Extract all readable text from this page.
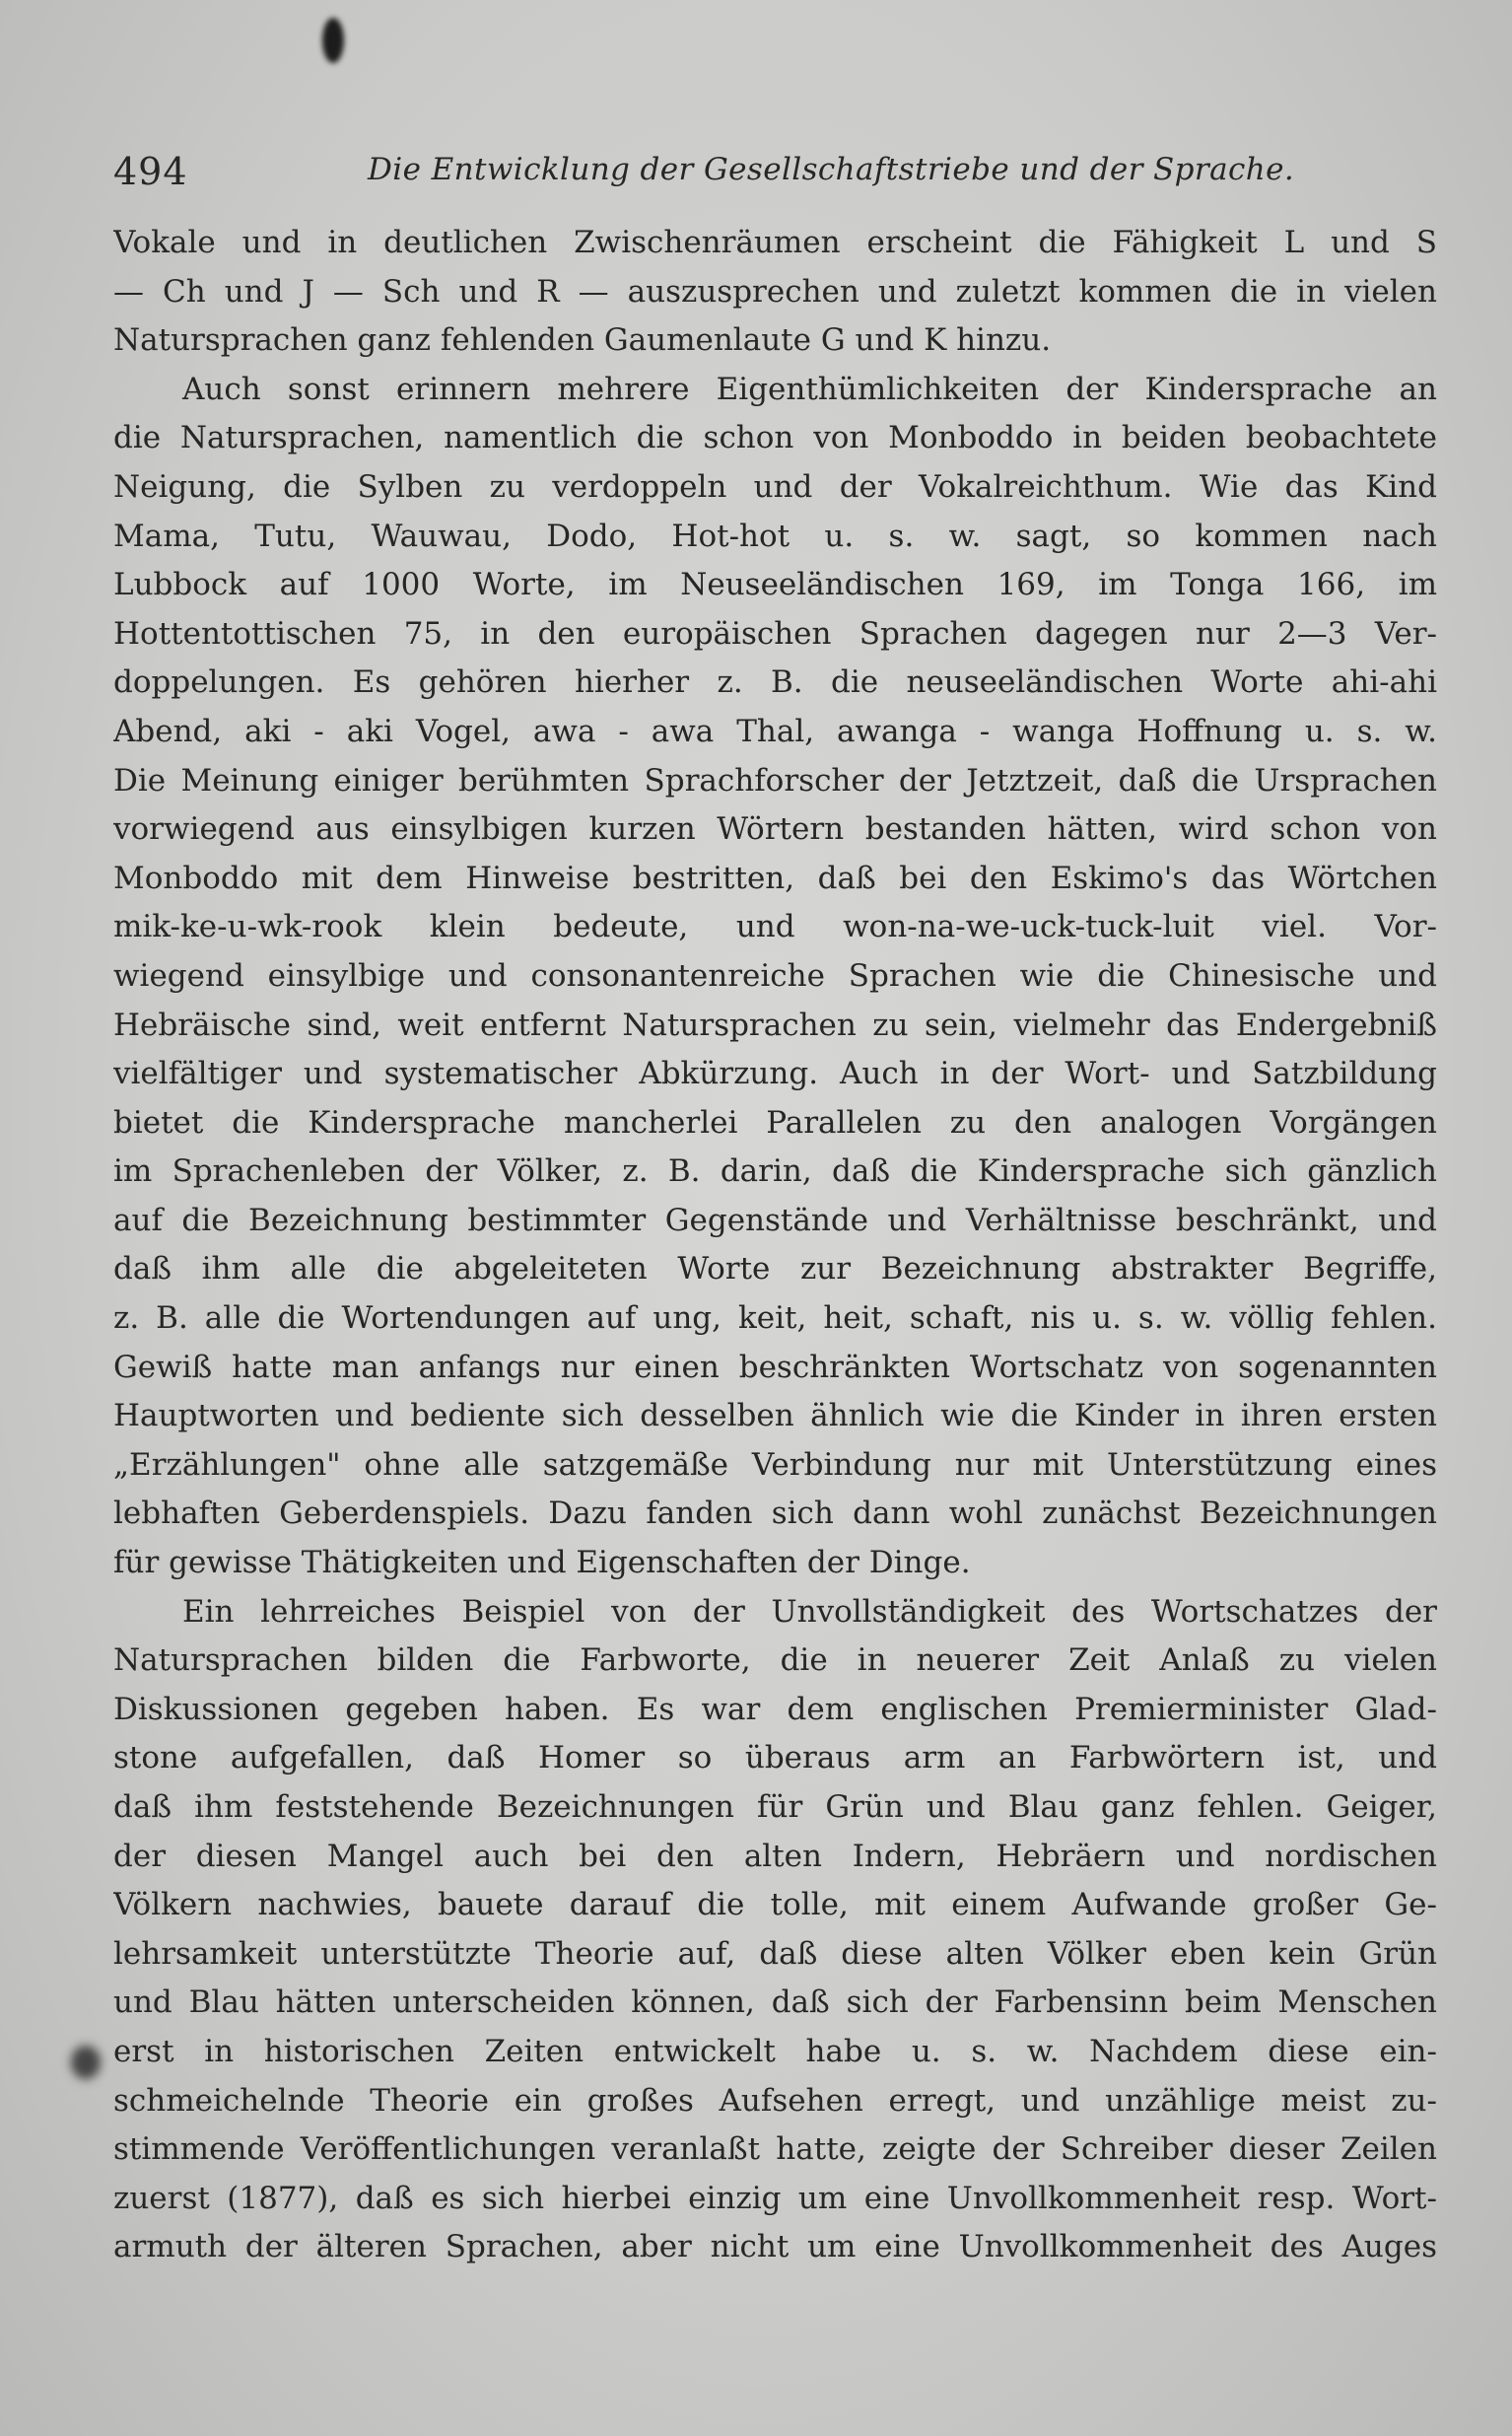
494	Die Entwicklung der Gesellschaftstriebe und der Sprache.
Vokale und in deutlichen Zwischenräumen erscheint die Fähigkeit L und S
— Ch und J — Sch und R — auszusprechen und zuletzt kommen die in vielen
Natursprachen ganz fehlenden Gaumenlaute G und K hinzu.
Auch sonst erinnern mehrere Eigenthümlichkeiten der Kindersprache an
die Natursprachen, namentlich die schon von Monboddo in beiden beobachtete
Neigung, die Sylben zu verdoppeln und der Vokalreichthum. Wie das Kind
Mama, Tutu, Wauwau, Dodo, Hot-hot u. s. w. sagt, so kommen nach
Lubbock auf 1000 Worte, im Neuseeländischen 169, im Tonga 166, im
Hottentottischen 75, in den europäischen Sprachen dagegen nur 2—3 Ver-
doppelungen. Es gehören hierher z. B. die neuseeländischen Worte ahi-ahi
Abend, aki - aki Vogel, awa - awa Thal, awanga - wanga Hoffnung u. s. w.
Die Meinung einiger berühmten Sprachforscher der Jetztzeit, daß die Ursprachen
vorwiegend aus einsylbigen kurzen Wörtern bestanden hätten, wird schon von
Monboddo mit dem Hinweise bestritten, daß bei den Eskimo's das Wörtchen
mik-ke-u-wk-rook klein bedeute, und won-na-we-uck-tuck-luit viel. Vor-
wiegend einsylbige und consonantenreiche Sprachen wie die Chinesische und
Hebräische sind, weit entfernt Natursprachen zu sein, vielmehr das Endergebniß
vielfältiger und systematischer Abkürzung. Auch in der Wort- und Satzbildung
bietet die Kindersprache mancherlei Parallelen zu den analogen Vorgängen
im Sprachenleben der Völker, z. B. darin, daß die Kindersprache sich gänzlich
auf die Bezeichnung bestimmter Gegenstände und Verhältnisse beschränkt, und
daß ihm alle die abgeleiteten Worte zur Bezeichnung abstrakter Begriffe,
z. B. alle die Wortendungen auf ung, keit, heit, schaft, nis u. s. w. völlig fehlen.
Gewiß hatte man anfangs nur einen beschränkten Wortschatz von sogenannten
Hauptworten und bediente sich desselben ähnlich wie die Kinder in ihren ersten
„Erzählungen" ohne alle satzgemäße Verbindung nur mit Unterstützung eines
lebhaften Geberdenspiels. Dazu fanden sich dann wohl zunächst Bezeichnungen
für gewisse Thätigkeiten und Eigenschaften der Dinge.
Ein lehrreiches Beispiel von der Unvollständigkeit des Wortschatzes der
Natursprachen bilden die Farbworte, die in neuerer Zeit Anlaß zu vielen
Diskussionen gegeben haben. Es war dem englischen Premierminister Glad-
stone aufgefallen, daß Homer so überaus arm an Farbwörtern ist, und
daß ihm feststehende Bezeichnungen für Grün und Blau ganz fehlen. Geiger,
der diesen Mangel auch bei den alten Indern, Hebräern und nordischen
Völkern nachwies, bauete darauf die tolle, mit einem Aufwande großer Ge-
lehrsamkeit unterstützte Theorie auf, daß diese alten Völker eben kein Grün
und Blau hätten unterscheiden können, daß sich der Farbensinn beim Menschen
erst in historischen Zeiten entwickelt habe u. s. w. Nachdem diese ein-
schmeichelnde Theorie ein großes Aufsehen erregt, und unzählige meist zu-
stimmende Veröffentlichungen veranlaßt hatte, zeigte der Schreiber dieser Zeilen
zuerst (1877), daß es sich hierbei einzig um eine Unvollkommenheit resp. Wort-
armuth der älteren Sprachen, aber nicht um eine Unvollkommenheit des Auges
